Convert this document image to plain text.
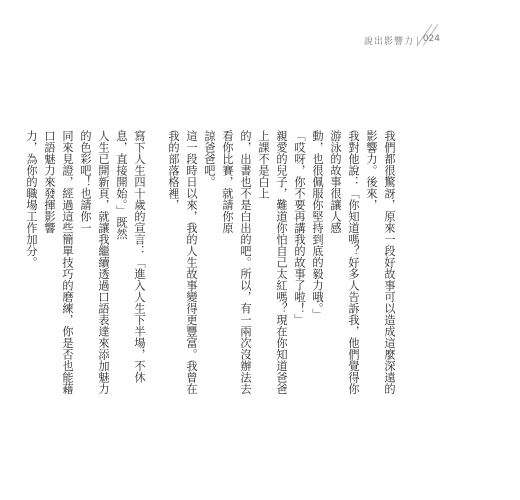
說出影響力 | 024

我們都很驚訝，原來一段好故事可以造成這麼深遠的影響力。後來，

我對他說：「你知道嗎？好多人告訴我，他們覺得你游泳的故事很讓人感

動，也很佩服你堅持到底的毅力哦。」

「哎呀，你不要再講我的故事了啦！」

親愛的兒子，難道你怕自己太紅嗎？現在你知道爸爸上課不是白上

的，出書也不是白出的吧。所以，有一兩次沒辦法去看你比賽，就請你原

諒爸爸吧。

這一段時日以來，我的人生故事變得更豐富。我曾在我的部落格裡，

寫下人生四十歲的宣言：「進入人生下半場，不休息，直接開始。」既然

人生已開新頁，就讓我繼續透過口語表達來添加魅力的色彩吧！也請你一

同來見證，經過這些簡單技巧的磨練，你是否也能藉口語魅力來發揮影響

力，為你的職場工作加分。
